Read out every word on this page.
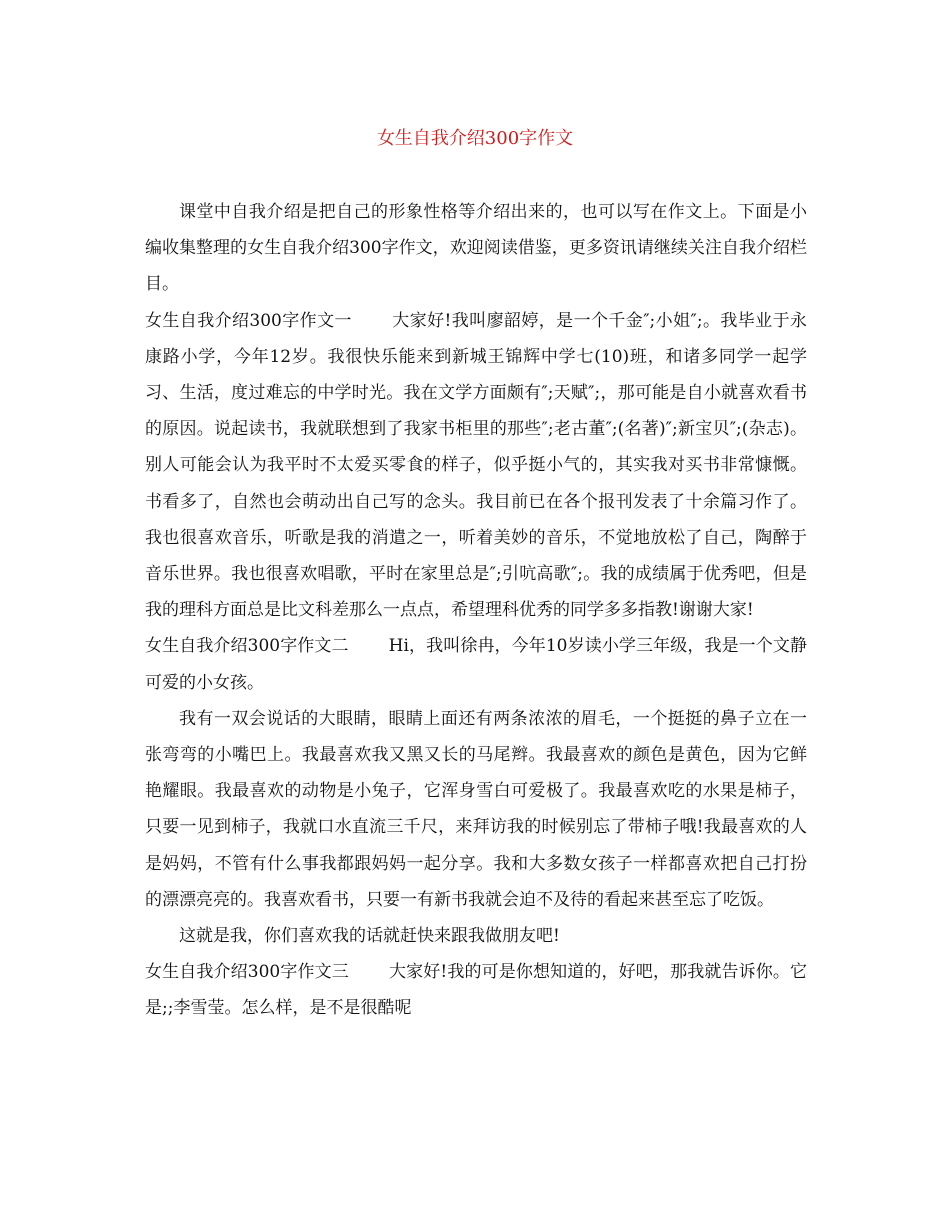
女生自我介绍300字作文

课堂中自我介绍是把自己的形象性格等介绍出来的，也可以写在作文上。下面是小编收集整理的女生自我介绍300字作文，欢迎阅读借鉴，更多资讯请继续关注自我介绍栏目。

女生自我介绍300字作文一 大家好!我叫廖韶婷，是一个千金″;小姐″;。我毕业于永康路小学，今年12岁。我很快乐能来到新城王锦辉中学七(10)班，和诸多同学一起学习、生活，度过难忘的中学时光。我在文学方面颇有″;天赋″;，那可能是自小就喜欢看书的原因。说起读书，我就联想到了我家书柜里的那些″;老古董″;(名著)″;新宝贝″;(杂志)。别人可能会认为我平时不太爱买零食的样子，似乎挺小气的，其实我对买书非常慷慨。书看多了，自然也会萌动出自己写的念头。我目前已在各个报刊发表了十余篇习作了。我也很喜欢音乐，听歌是我的消遣之一，听着美妙的音乐，不觉地放松了自己，陶醉于音乐世界。我也很喜欢唱歌，平时在家里总是″;引吭高歌″;。我的成绩属于优秀吧，但是我的理科方面总是比文科差那么一点点，希望理科优秀的同学多多指教!谢谢大家!

女生自我介绍300字作文二 Hi，我叫徐冉，今年10岁读小学三年级，我是一个文静可爱的小女孩。

我有一双会说话的大眼睛，眼睛上面还有两条浓浓的眉毛，一个挺挺的鼻子立在一张弯弯的小嘴巴上。我最喜欢我又黑又长的马尾辫。我最喜欢的颜色是黄色，因为它鲜艳耀眼。我最喜欢的动物是小兔子，它浑身雪白可爱极了。我最喜欢吃的水果是柿子，只要一见到柿子，我就口水直流三千尺，来拜访我的时候别忘了带柿子哦!我最喜欢的人是妈妈，不管有什么事我都跟妈妈一起分享。我和大多数女孩子一样都喜欢把自己打扮的漂漂亮亮的。我喜欢看书，只要一有新书我就会迫不及待的看起来甚至忘了吃饭。

这就是我，你们喜欢我的话就赶快来跟我做朋友吧!

女生自我介绍300字作文三 大家好!我的可是你想知道的，好吧，那我就告诉你。它是;;李雪莹。怎么样，是不是很酷呢
